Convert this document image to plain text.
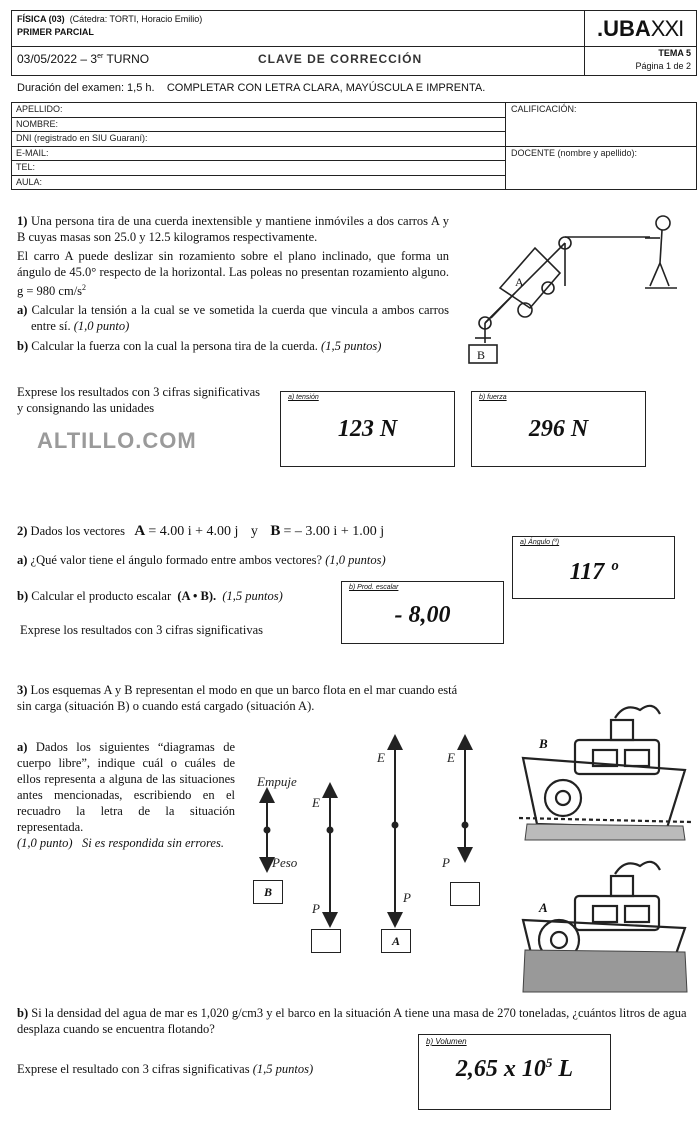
FÍSICA (03) (Cátedra: TORTI, Horacio Emilio)
PRIMER PARCIAL
03/05/2022 – 3er TURNO	CLAVE DE CORRECCIÓN
.UBAXXI
TEMA 5
Página 1 de 2
Duración del examen: 1,5 h. COMPLETAR CON LETRA CLARA, MAYÚSCULA E IMPRENTA.
APELLIDO:
NOMBRE:
DNI (registrado en SIU Guaraní):
E-MAIL:
TEL:
AULA:
CALIFICACIÓN:
DOCENTE (nombre y apellido):

1) Una persona tira de una cuerda inextensible y mantiene inmóviles a dos carros A y B cuyas masas son 25.0 y 12.5 kilogramos respectivamente.

El carro A puede deslizar sin rozamiento sobre el plano inclinado, que forma un ángulo de 45.0° respecto de la horizontal. Las poleas no presentan rozamiento alguno. g = 980 $cm/s^2$

a) Calcular la tensión a la cual se ve sometida la cuerda que vincula a ambos carros entre sí. (1,0 punto)

b) Calcular la fuerza con la cual la persona tira de la cuerda. (1,5 puntos)

Exprese los resultados con 3 cifras significativas y consignando las unidades
ALTILLO.COM
A
B
a) tensión
123 N
b) fuerza
296 N
2) Dados los vectores A = 4.00 i + 4.00 j y B = – 3.00 i + 1.00 j
a) ¿Qué valor tiene el ángulo formado entre ambos vectores? (1,0 puntos)
b) Calcular el producto escalar (A • B). (1,5 puntos)
Exprese los resultados con 3 cifras significativas
a) Ángulo (º)
117 º
b) Prod. escalar
- 8,00
3) Los esquemas A y B representan el modo en que un barco flota en el mar cuando está sin carga (situación B) o cuando está cargado (situación A).
a) Dados los siguientes “diagramas de cuerpo libre”, indique cuál o cuáles de ellos representa a alguna de las situaciones antes mencionadas, escribiendo en el recuadro la letra de la situación representada.
(1,0 punto) Si es respondida sin errores.
Empuje
Peso
E
P
E
P
E
P
B
A
B
A
b) Si la densidad del agua de mar es 1,020 g/cm3 y el barco en la situación A tiene una masa de 270 toneladas, ¿cuántos litros de agua desplaza cuando se encuentra flotando?
Exprese el resultado con 3 cifras significativas (1,5 puntos)
b) Volumen
2,65 x $10^5$ L
